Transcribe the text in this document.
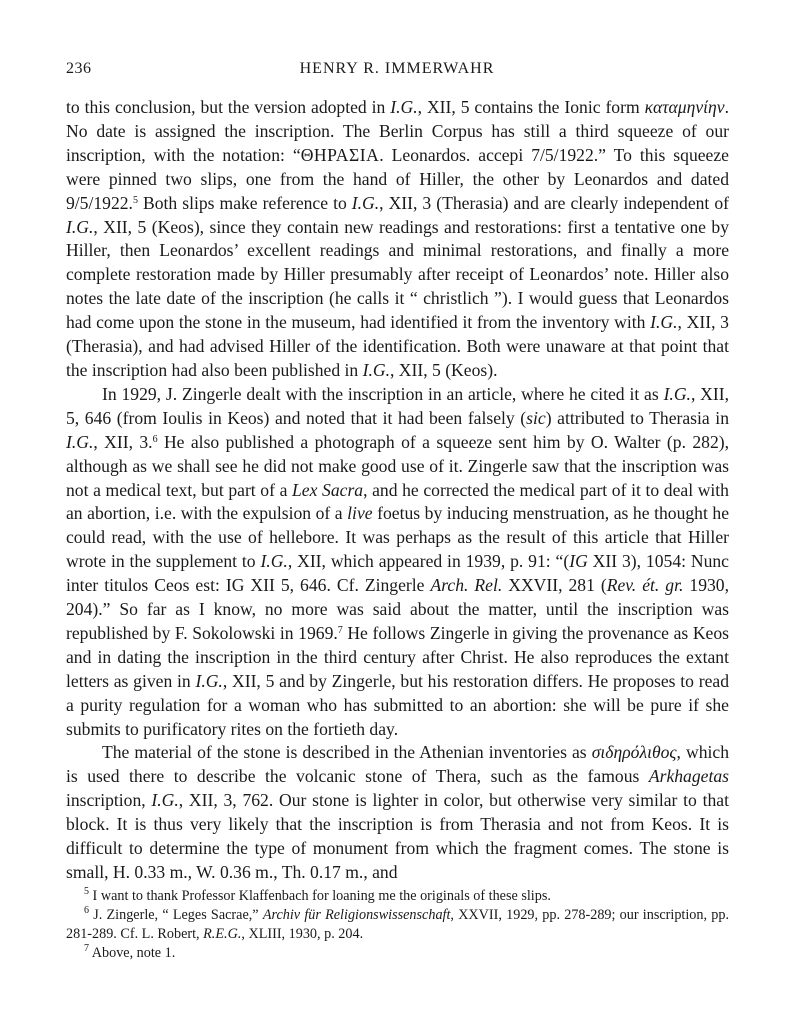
236	HENRY R. IMMERWAHR

to this conclusion, but the version adopted in I.G., XII, 5 contains the Ionic form καταμηνίην. No date is assigned the inscription. The Berlin Corpus has still a third squeeze of our inscription, with the notation: “ΘΗΡΑΣΙΑ. Leonardos. accepi 7/5/1922.” To this squeeze were pinned two slips, one from the hand of Hiller, the other by Leonardos and dated 9/5/1922.$^5$ Both slips make reference to I.G., XII, 3 (Therasia) and are clearly independent of I.G., XII, 5 (Keos), since they contain new readings and restorations: first a tentative one by Hiller, then Leonardos’ excellent readings and minimal restorations, and finally a more complete restoration made by Hiller presumably after receipt of Leonardos’ note. Hiller also notes the late date of the inscription (he calls it “ christlich ”). I would guess that Leonardos had come upon the stone in the museum, had identified it from the inventory with I.G., XII, 3 (Therasia), and had advised Hiller of the identification. Both were unaware at that point that the inscription had also been published in I.G., XII, 5 (Keos).

In 1929, J. Zingerle dealt with the inscription in an article, where he cited it as I.G., XII, 5, 646 (from Ioulis in Keos) and noted that it had been falsely (sic) attributed to Therasia in I.G., XII, 3.$^6$ He also published a photograph of a squeeze sent him by O. Walter (p. 282), although as we shall see he did not make good use of it. Zingerle saw that the inscription was not a medical text, but part of a Lex Sacra, and he corrected the medical part of it to deal with an abortion, i.e. with the expulsion of a live foetus by inducing menstruation, as he thought he could read, with the use of hellebore. It was perhaps as the result of this article that Hiller wrote in the supplement to I.G., XII, which appeared in 1939, p. 91: “(IG XII 3), 1054: Nunc inter titulos Ceos est: IG XII 5, 646. Cf. Zingerle Arch. Rel. XXVII, 281 (Rev. ét. gr. 1930, 204).” So far as I know, no more was said about the matter, until the inscription was republished by F. Sokolowski in 1969.$^7$ He follows Zingerle in giving the provenance as Keos and in dating the inscription in the third century after Christ. He also reproduces the extant letters as given in I.G., XII, 5 and by Zingerle, but his restoration differs. He proposes to read a purity regulation for a woman who has submitted to an abortion: she will be pure if she submits to purificatory rites on the fortieth day.

The material of the stone is described in the Athenian inventories as σιδηρόλιθος, which is used there to describe the volcanic stone of Thera, such as the famous Arkhagetas inscription, I.G., XII, 3, 762. Our stone is lighter in color, but otherwise very similar to that block. It is thus very likely that the inscription is from Therasia and not from Keos. It is difficult to determine the type of monument from which the fragment comes. The stone is small, H. 0.33 m., W. 0.36 m., Th. 0.17 m., and

$^5$ I want to thank Professor Klaffenbach for loaning me the originals of these slips.

$^6$ J. Zingerle, “ Leges Sacrae,” Archiv für Religionswissenschaft, XXVII, 1929, pp. 278-289; our inscription, pp. 281-289. Cf. L. Robert, R.E.G., XLIII, 1930, p. 204.

$^7$ Above, note 1.
